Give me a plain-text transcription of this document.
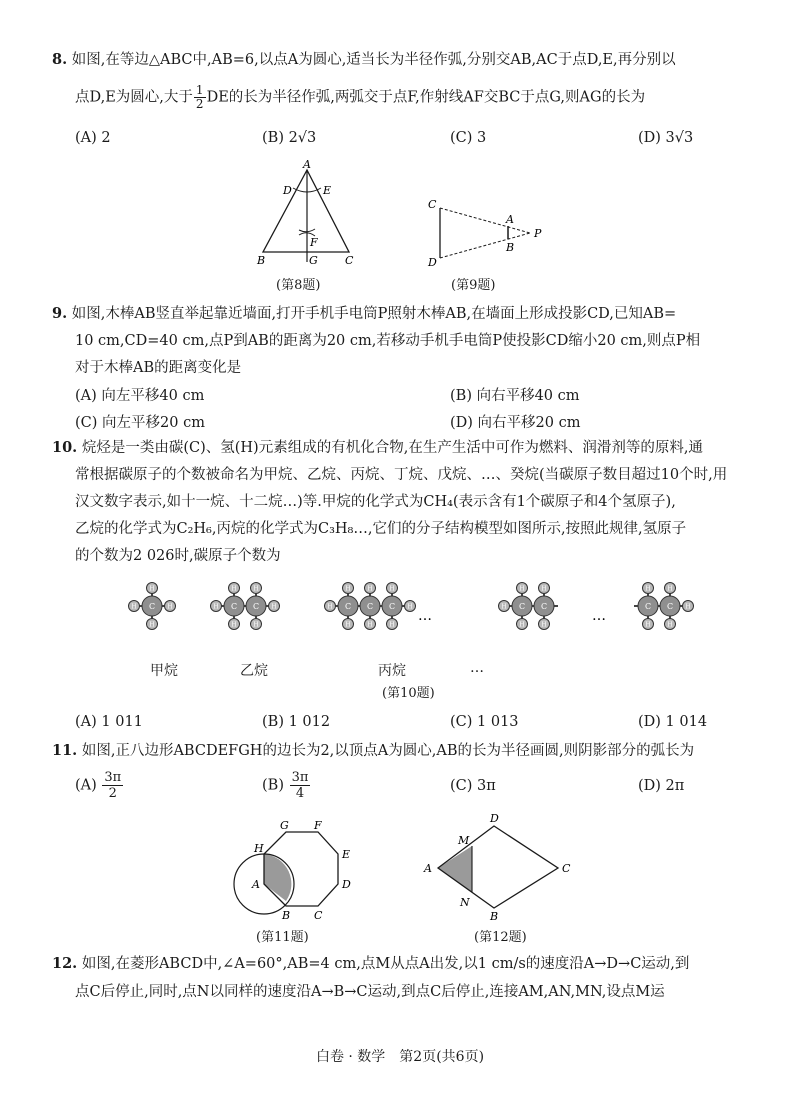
8. 如图,在等边△ABC中,AB=6,以点A为圆心,适当长为半径作弧,分别交AB,AC于点D,E,再分别以
点D,E为圆心,大于 $\frac{1}{2}$ DE的长为半径作弧,两弧交于点F,作射线AF交BC于点G,则AG的长为
(A) 2	(B) 2√3	(C) 3	(D) 3√3
A
D	E
F
B	G C
(第8题)
C
D
A
B
P
(第9题)
9. 如图,木棒AB竖直举起靠近墙面,打开手机手电筒P照射木棒AB,在墙面上形成投影CD,已知AB=
10 cm,CD=40 cm,点P到AB的距离为20 cm,若移动手机手电筒P使投影CD缩小20 cm,则点P相
对于木棒AB的距离变化是
(A) 向左平移40 cm	(B) 向右平移40 cm
(C) 向左平移20 cm	(D) 向右平移20 cm
10. 烷烃是一类由碳(C)、氢(H)元素组成的有机化合物,在生产生活中可作为燃料、润滑剂等的原料,通
常根据碳原子的个数被命名为甲烷、乙烷、丙烷、丁烷、戊烷、…、癸烷(当碳原子数目超过10个时,用
汉文数字表示,如十一烷、十二烷…)等.甲烷的化学式为CH₄(表示含有1个碳原子和4个氢原子),
乙烷的化学式为C₂H₆,丙烷的化学式为C₃H₈…,它们的分子结构模型如图所示,按照此规律,氢原子
的个数为2 026时,碳原子个数为
H
H
H	H
C
H
H
H
H
H	H
C C
H
H
H
H
H
H
H	H
C C C
H
H
H
H
H C C
H
H
H
H
H
C C
…	…
甲烷	乙烷	丙烷	…
(第10题)
(A) 1 011	(B) 1 012	(C) 1 013	(D) 1 014
11. 如图,正八边形ABCDEFGH的边长为2,以顶点A为圆心,AB的长为半径画圆,则阴影部分的弧长为
$(A) \frac{3\pi}{2}$	$(B) \frac{3\pi}{4}$	(C) 3π	(D) 2π
G F
H	E
A	D
B C
(第11题)
D
M
A	C
N
B
(第12题)
12. 如图,在菱形ABCD中,∠A=60°,AB=4 cm,点M从点A出发,以1 cm/s的速度沿A→D→C运动,到
点C后停止,同时,点N以同样的速度沿A→B→C运动,到点C后停止,连接AM,AN,MN,设点M运
白卷 · 数学　第2页(共6页)
